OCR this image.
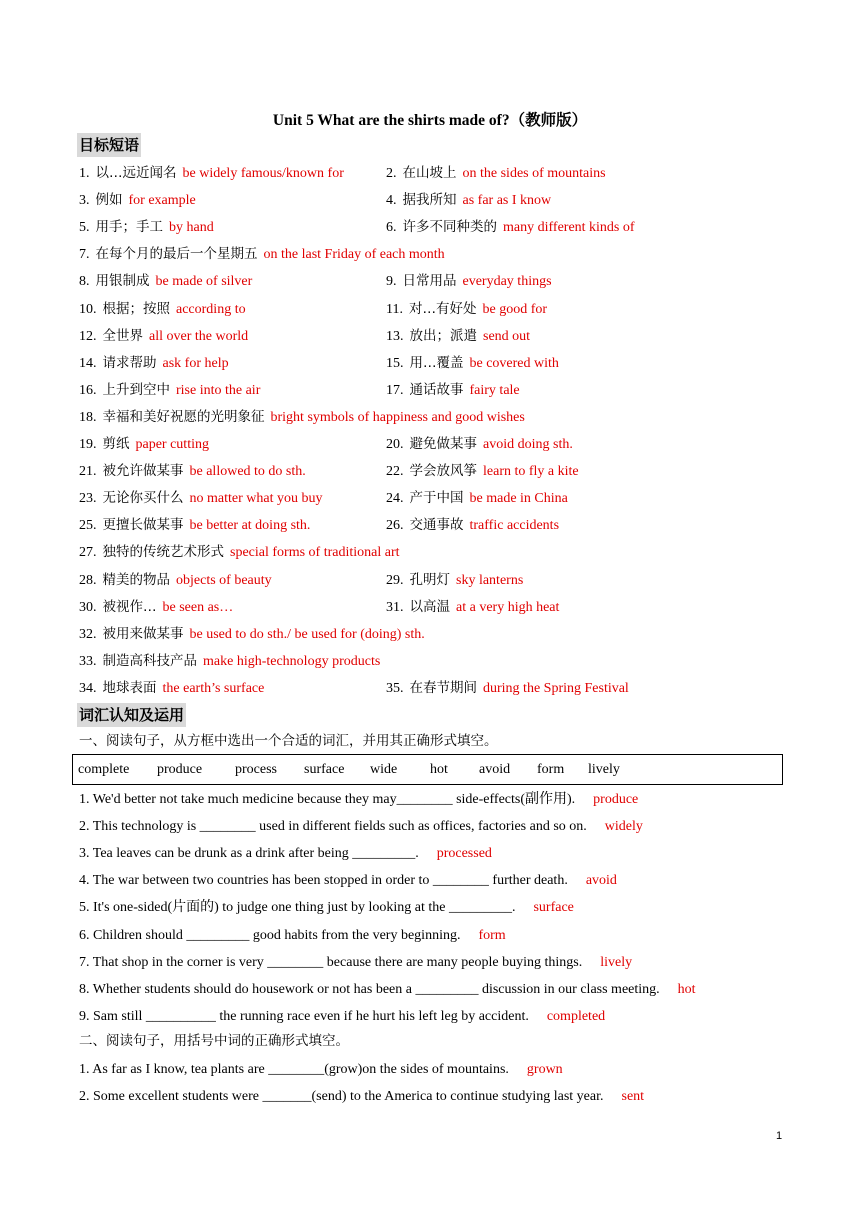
Unit 5 What are the shirts made of?（教师版）
目标短语
1. 以…远近闻名 be widely famous/known for	2. 在山坡上 on the sides of mountains
3. 例如 for example	4. 据我所知 as far as I know
5. 用手；手工 by hand	6. 许多不同种类的 many different kinds of
7. 在每个月的最后一个星期五 on the last Friday of each month
8. 用银制成 be made of silver	9. 日常用品 everyday things
10. 根据；按照 according to	11. 对…有好处 be good for
12. 全世界 all over the world	13. 放出；派遣 send out
14. 请求帮助 ask for help	15. 用…覆盖 be covered with
16. 上升到空中 rise into the air	17. 通话故事 fairy tale
18. 幸福和美好祝愿的光明象征 bright symbols of happiness and good wishes
19. 剪纸 paper cutting	20. 避免做某事 avoid doing sth.
21. 被允许做某事 be allowed to do sth.	22. 学会放风筝 learn to fly a kite
23. 无论你买什么 no matter what you buy	24. 产于中国 be made in China
25. 更擅长做某事 be better at doing sth.	26. 交通事故 traffic accidents
27. 独特的传统艺术形式 special forms of traditional art
28. 精美的物品 objects of beauty	29. 孔明灯 sky lanterns
30. 被视作… be seen as…	31. 以高温 at a very high heat
32. 被用来做某事 be used to do sth./ be used for (doing) sth.
33. 制造高科技产品 make high-technology products
34. 地球表面 the earth’s surface	35. 在春节期间 during the Spring Festival
词汇认知及运用
一、阅读句子，从方框中选出一个合适的词汇，并用其正确形式填空。
complete produce process surface wide hot avoid form lively
1. We'd better not take much medicine because they may________ side-effects(副作用). produce
2. This technology is ________ used in different fields such as offices, factories and so on. widely
3. Tea leaves can be drunk as a drink after being _________. processed
4. The war between two countries has been stopped in order to ________ further death. avoid
5. It's one-sided(片面的) to judge one thing just by looking at the _________. surface
6. Children should _________ good habits from the very beginning. form
7. That shop in the corner is very ________ because there are many people buying things. lively
8. Whether students should do housework or not has been a _________ discussion in our class meeting. hot
9. Sam still __________ the running race even if he hurt his left leg by accident. completed
二、阅读句子，用括号中词的正确形式填空。
1. As far as I know, tea plants are ________(grow)on the sides of mountains. grown
2. Some excellent students were _______(send) to the America to continue studying last year. sent
1
